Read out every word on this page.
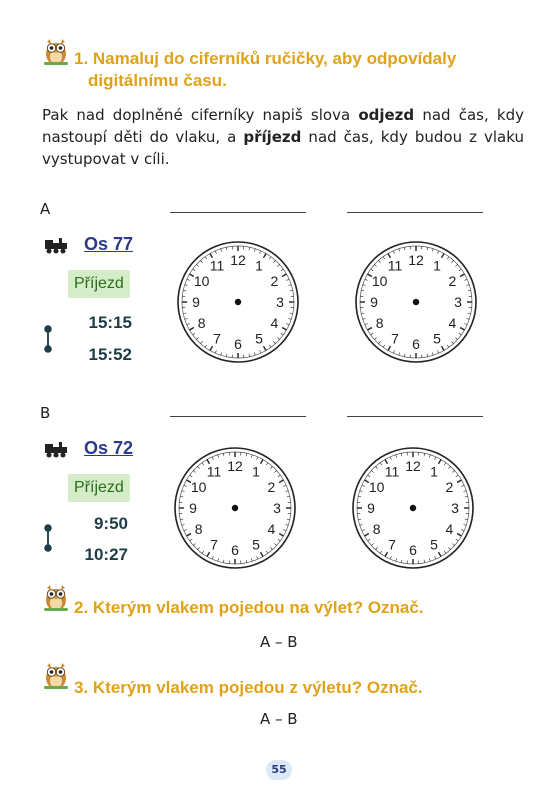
1. Namaluj do ciferníků ručičky, aby odpovídaly
digitálnímu času.
Pak nad doplněné ciferníky napiš slova odjezd nad čas, kdy nastoupí děti do vlaku, a příjezd nad čas, kdy budou z vlaku vystupovat v cíli.
A
Os 77
Příjezd
15:15
15:52
12 1
2
3
4
5
6
7
8
9
10
11	12 1
2
3
4
5
6
7
8
9
10
11
B
Os 72
Příjezd
9:50
10:27
12 1
2
3
4
5
6
7
8
9
10
11	12 1
2
3
4
5
6
7
8
9
10
11
2. Kterým vlakem pojedou na výlet? Označ.
A – B
3. Kterým vlakem pojedou z výletu? Označ.
A – B
55
